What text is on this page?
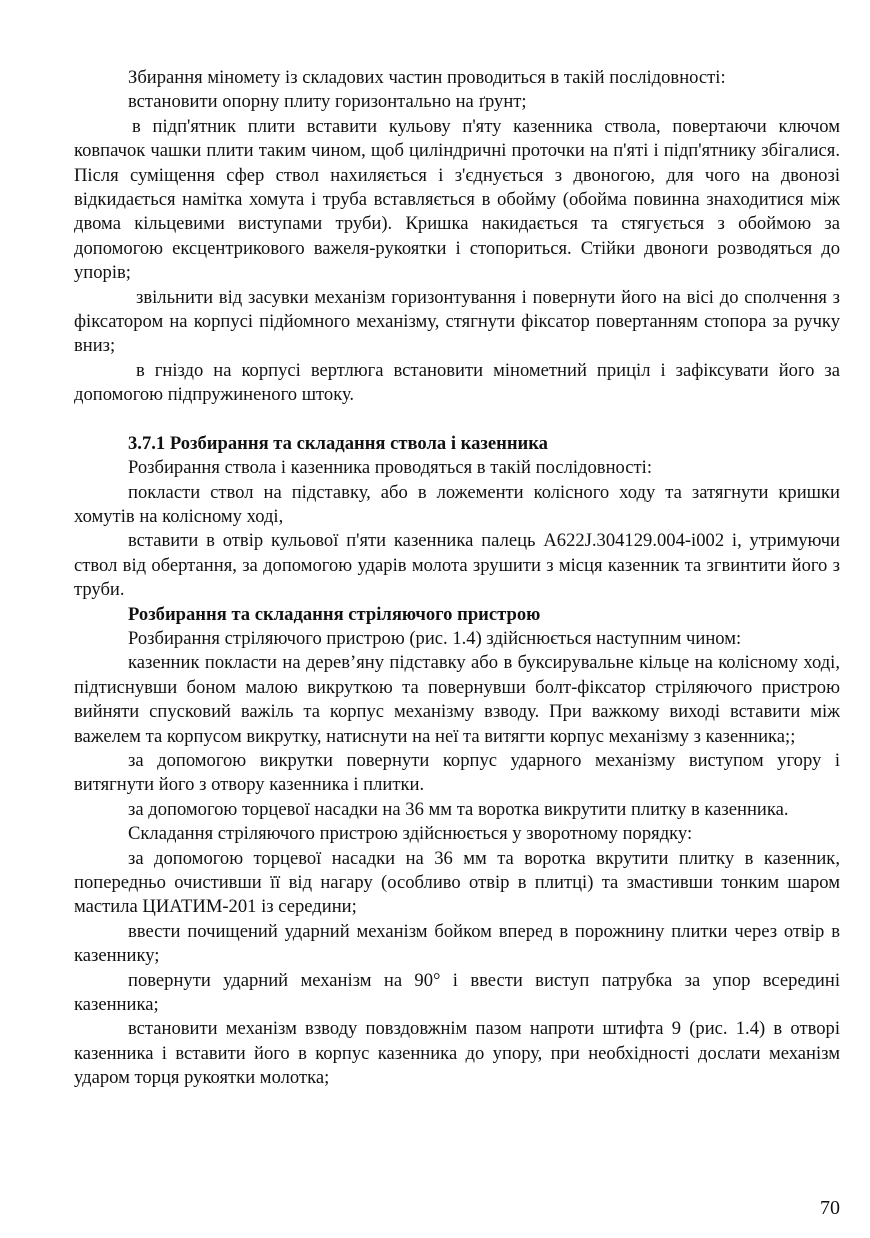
Збирання міномету із складових частин проводиться в такій послідовності:

встановити опорну плиту горизонтально на ґрунт;

в підп'ятник плити вставити кульову п'яту казенника ствола, повертаючи ключом ковпачок чашки плити таким чином, щоб циліндричні проточки на п'яті і підп'ятнику збігалися. Після суміщення сфер ствол нахиляється і з'єднується з двоногою, для чого на двонозі відкидається намітка хомута і труба вставляється в обойму (обойма повинна знаходитися між двома кільцевими виступами труби). Кришка накидається та стягується з обоймою за допомогою ексцентрикового важеля-рукоятки і стопориться. Стійки двоноги розводяться до упорів;

звільнити від засувки механізм горизонтування і повернути його на вісі до сполчення з фіксатором на корпусі підйомного механізму, стягнути фіксатор повертанням стопора за ручку вниз;

в гніздо на корпусі вертлюга встановити мінометний приціл і зафіксувати його за допомогою підпружиненого штоку.

3.7.1 Розбирання та складання ствола і казенника

Розбирання ствола і казенника проводяться в такій послідовності:

покласти ствол на підставку, або в ложементи колісного ходу та затягнути кришки хомутів на колісному ході,

вставити в отвір кульової п'яти казенника палець А622J.304129.004-і002 і, утримуючи ствол від обертання, за допомогою ударів молота зрушити з місця казенник та згвинтити його з труби.

Розбирання та складання стріляючого пристрою

Розбирання стріляючого пристрою (рис. 1.4) здійснюється наступним чином:

казенник покласти на дерев’яну підставку або в буксирувальне кільце на колісному ході, підтиснувши боном малою викруткою та повернувши болт-фіксатор стріляючого пристрою вийняти спусковий важіль та корпус механізму взводу. При важкому виході вставити між важелем та корпусом викрутку, натиснути на неї та витягти корпус механізму з казенника;;

за допомогою викрутки повернути корпус ударного механізму виступом угору і витягнути його з отвору казенника і плитки.

за допомогою торцевої насадки на 36 мм та воротка викрутити плитку в казенника.

Складання стріляючого пристрою здійснюється у зворотному порядку:

за допомогою торцевої насадки на 36 мм та воротка вкрутити плитку в казенник, попередньо очистивши її від нагару (особливо отвір в плитці) та змастивши тонким шаром мастила ЦИАТИМ-201 із середини;

ввести почищений ударний механізм бойком вперед в порожнину плитки через отвір в казеннику;

повернути ударний механізм на 90° і ввести виступ патрубка за упор всередині казенника;

встановити механізм взводу повздовжнім пазом напроти штифта 9 (рис. 1.4) в отворі казенника і вставити його в корпус казенника до упору, при необхідності дослати механізм ударом торця рукоятки молотка;

70
